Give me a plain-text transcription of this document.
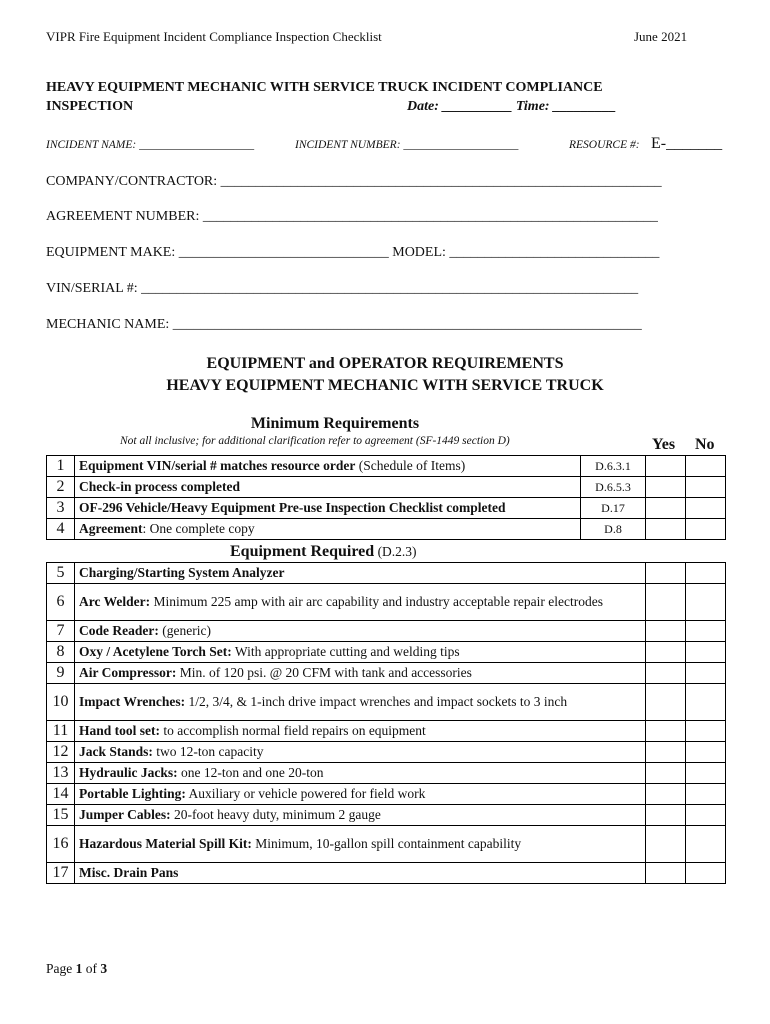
VIPR Fire Equipment Incident Compliance Inspection Checklist	June 2021
HEAVY EQUIPMENT MECHANIC WITH SERVICE TRUCK INCIDENT COMPLIANCE
INSPECTION	Date: __________ Time: _________
INCIDENT NAME: ____________________	INCIDENT NUMBER: ____________________	RESOURCE #: E-_______
COMPANY/CONTRACTOR: _______________________________________________________________
AGREEMENT NUMBER: _________________________________________________________________
EQUIPMENT MAKE: ______________________________ MODEL: ______________________________
VIN/SERIAL #: _______________________________________________________________________
MECHANIC NAME: ___________________________________________________________________
EQUIPMENT and OPERATOR REQUIREMENTS
HEAVY EQUIPMENT MECHANIC WITH SERVICE TRUCK
Minimum Requirements
Not all inclusive; for additional clarification refer to agreement (SF-1449 section D)	Yes No
1	Equipment VIN/serial # matches resource order (Schedule of Items)	D.6.3.1		
2	Check-in process completed	D.6.5.3		
3	OF-296 Vehicle/Heavy Equipment Pre-use Inspection Checklist completed	D.17		
4	Agreement: One complete copy	D.8		
Equipment Required (D.2.3)
5	Charging/Starting System Analyzer		
6	Arc Welder: Minimum 225 amp with air arc capability and industry acceptable repair electrodes		
7	Code Reader: (generic)		
8	Oxy / Acetylene Torch Set: With appropriate cutting and welding tips		
9	Air Compressor: Min. of 120 psi. @ 20 CFM with tank and accessories		
10	Impact Wrenches: 1/2, 3/4, & 1-inch drive impact wrenches and impact sockets to 3 inch		
11	Hand tool set: to accomplish normal field repairs on equipment		
12	Jack Stands: two 12-ton capacity		
13	Hydraulic Jacks: one 12-ton and one 20-ton		
14	Portable Lighting: Auxiliary or vehicle powered for field work		
15	Jumper Cables: 20-foot heavy duty, minimum 2 gauge		
16	Hazardous Material Spill Kit: Minimum, 10-gallon spill containment capability		
17	Misc. Drain Pans		
Page 1 of 3
